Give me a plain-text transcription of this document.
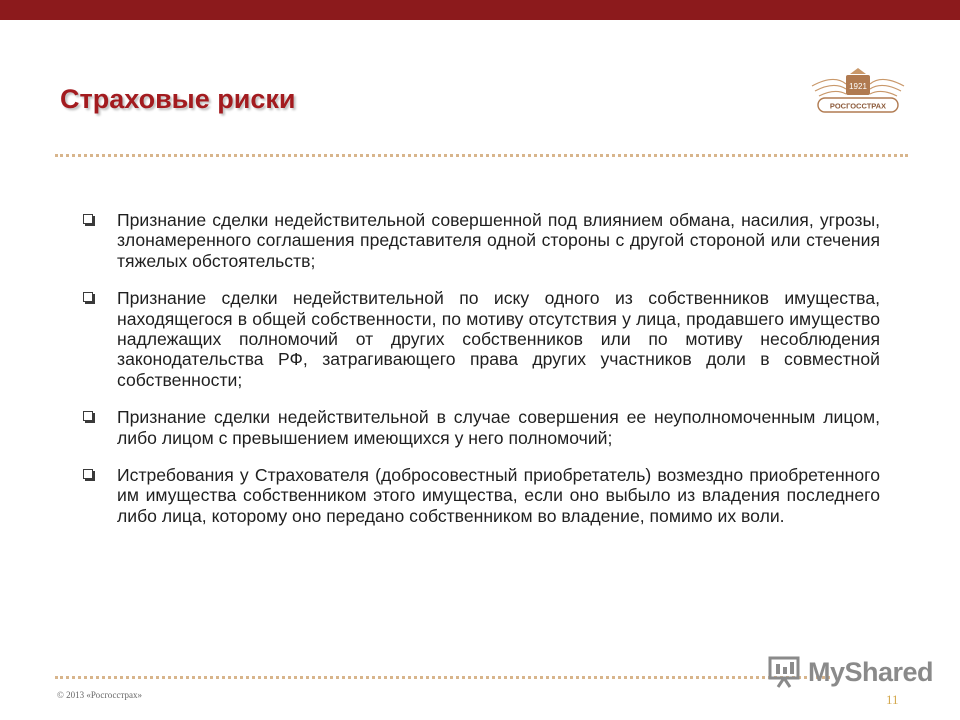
Страховые риски	1921
РОСГОССТРАХ
Признание сделки недействительной совершенной под влиянием обмана, насилия, угрозы, злонамеренного соглашения представителя одной стороны с другой стороной или стечения тяжелых обстоятельств;
Признание сделки недействительной по иску одного из собственников имущества, находящегося в общей собственности, по мотиву отсутствия у лица, продавшего имущество надлежащих полномочий от других собственников или по мотиву несоблюдения законодательства РФ, затрагивающего права других участников доли в совместной собственности;
Признание сделки недействительной в случае совершения ее неуполномоченным лицом, либо лицом с превышением имеющихся у него полномочий;
Истребования у Страхователя (добросовестный приобретатель) возмездно приобретенного им имущества собственником этого имущества, если оно выбыло из владения последнего либо лица, которому оно передано собственником во владение, помимо их воли.
MyShared
© 2013 «Росгосстрах»	11
